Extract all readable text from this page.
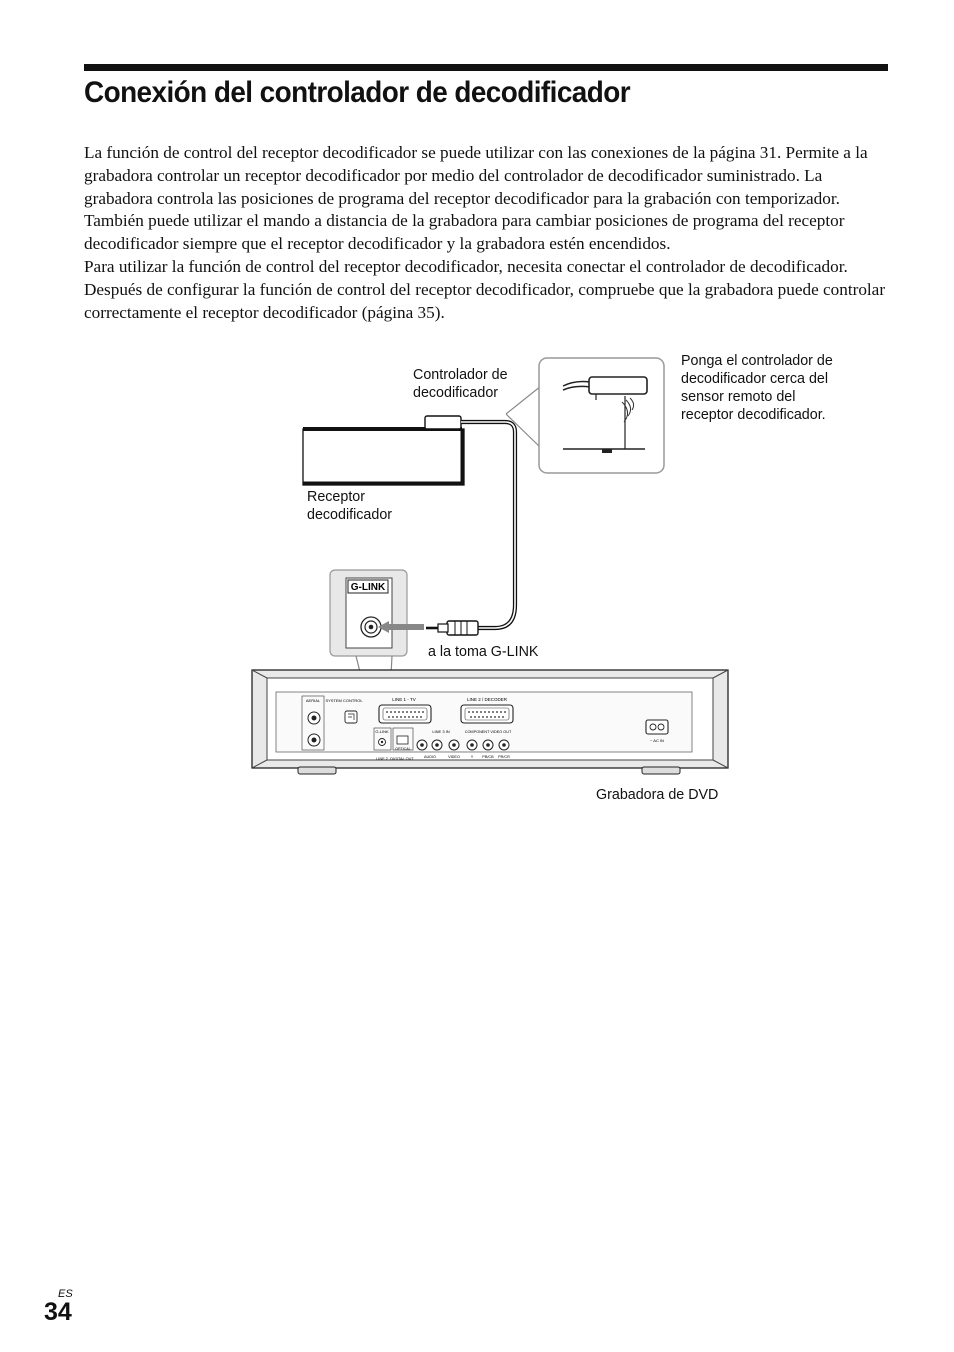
Conexión del controlador de decodificador

La función de control del receptor decodificador se puede utilizar con las conexiones de la página 31. Permite a la grabadora controlar un receptor decodificador por medio del controlador de decodificador suministrado. La grabadora controla las posiciones de programa del receptor decodificador para la grabación con temporizador. También puede utilizar el mando a distancia de la grabadora para cambiar posiciones de programa del receptor decodificador siempre que el receptor decodificador y la grabadora estén encendidos.

Para utilizar la función de control del receptor decodificador, necesita conectar el controlador de decodificador. Después de configurar la función de control del receptor decodificador, compruebe que la grabadora puede controlar correctamente el receptor decodificador (página 35).

G-LINK
AERIAL SYSTEM CONTROL	LINE 1 - TV	LINE 2 / DECODER
G-LINK
LINE 2
OPTICAL
DIGITAL OUT
LINE 3 IN
AUDIO	VIDEO
COMPONENT VIDEO OUT
Y PB/CB PR/CR
~ AC IN
Controlador de
decodificador
Ponga el controlador de
decodificador cerca del
sensor remoto del
receptor decodificador.
Receptor
decodificador
a la toma G-LINK
Grabadora de DVD
ES
34
